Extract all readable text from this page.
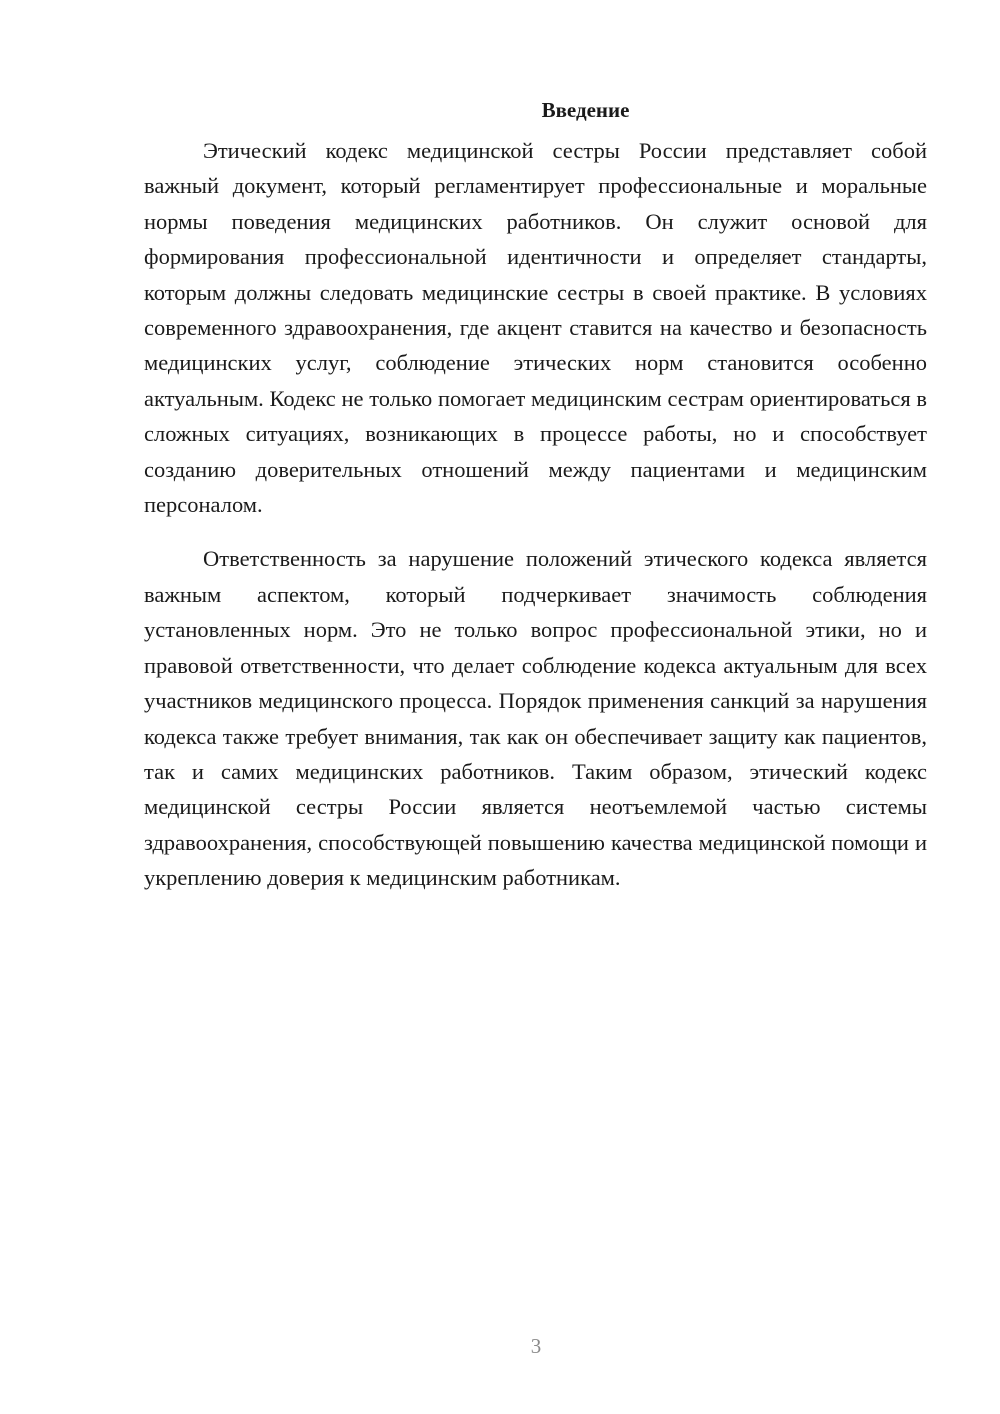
Введение

Этический кодекс медицинской сестры России представляет собой важный документ, который регламентирует профессиональные и моральные нормы поведения медицинских работников. Он служит основой для формирования профессиональной идентичности и определяет стандарты, которым должны следовать медицинские сестры в своей практике. В условиях современного здравоохранения, где акцент ставится на качество и безопасность медицинских услуг, соблюдение этических норм становится особенно актуальным. Кодекс не только помогает медицинским сестрам ориентироваться в сложных ситуациях, возникающих в процессе работы, но и способствует созданию доверительных отношений между пациентами и медицинским персоналом.

Ответственность за нарушение положений этического кодекса является важным аспектом, который подчеркивает значимость соблюдения установленных норм. Это не только вопрос профессиональной этики, но и правовой ответственности, что делает соблюдение кодекса актуальным для всех участников медицинского процесса. Порядок применения санкций за нарушения кодекса также требует внимания, так как он обеспечивает защиту как пациентов, так и самих медицинских работников. Таким образом, этический кодекс медицинской сестры России является неотъемлемой частью системы здравоохранения, способствующей повышению качества медицинской помощи и укреплению доверия к медицинским работникам.

3
